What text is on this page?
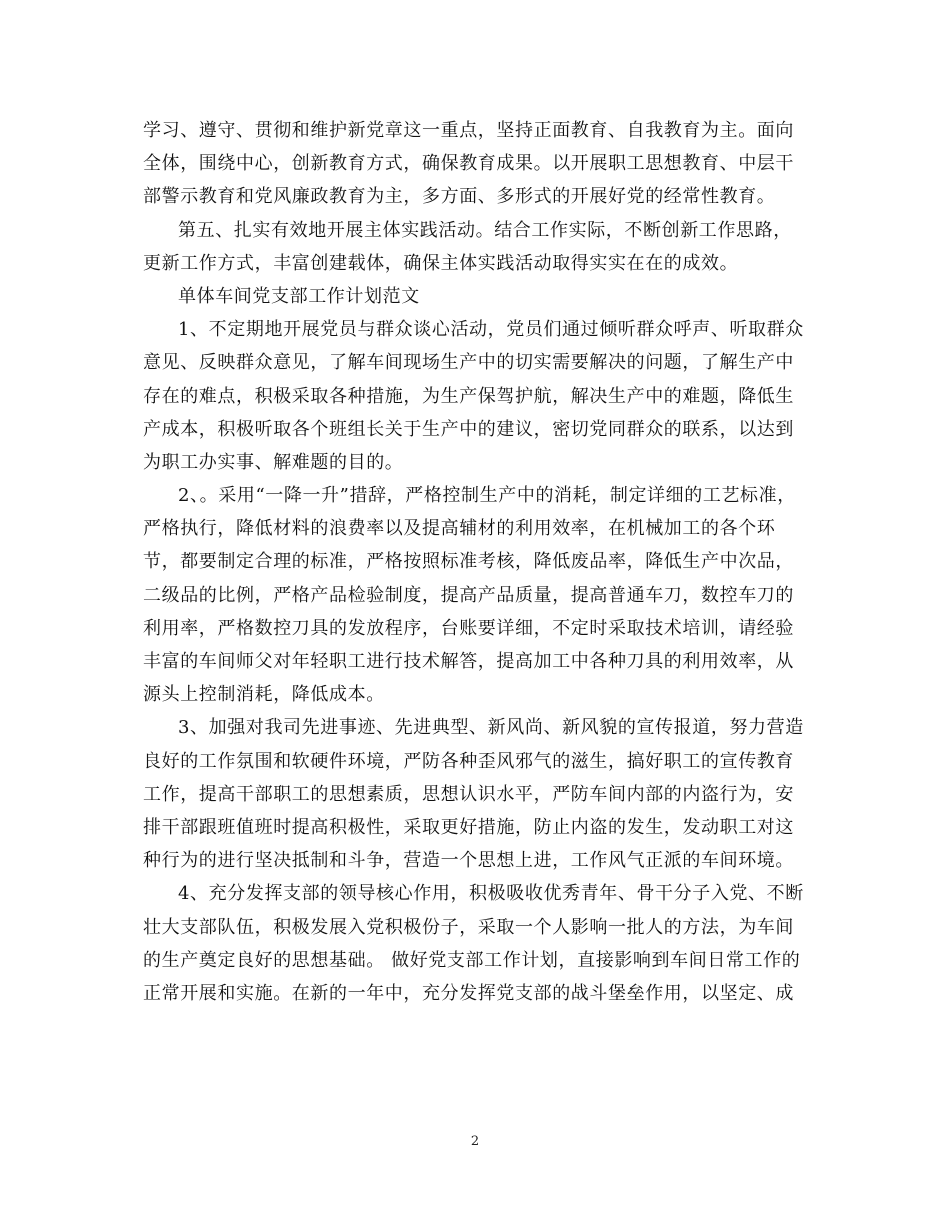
学习、遵守、贯彻和维护新党章这一重点，坚持正面教育、自我教育为主。面向
全体，围绕中心，创新教育方式，确保教育成果。以开展职工思想教育、中层干
部警示教育和党风廉政教育为主，多方面、多形式的开展好党的经常性教育。
第五、扎实有效地开展主体实践活动。结合工作实际，不断创新工作思路，
更新工作方式，丰富创建载体，确保主体实践活动取得实实在在的成效。
单体车间党支部工作计划范文
1、不定期地开展党员与群众谈心活动，党员们通过倾听群众呼声、听取群众
意见、反映群众意见，了解车间现场生产中的切实需要解决的问题，了解生产中
存在的难点，积极采取各种措施，为生产保驾护航，解决生产中的难题，降低生
产成本，积极听取各个班组长关于生产中的建议，密切党同群众的联系，以达到
为职工办实事、解难题的目的。
2、。采用“一降一升”措辞，严格控制生产中的消耗，制定详细的工艺标准，
严格执行，降低材料的浪费率以及提高辅材的利用效率，在机械加工的各个环
节，都要制定合理的标准，严格按照标准考核，降低废品率，降低生产中次品，
二级品的比例，严格产品检验制度，提高产品质量，提高普通车刀，数控车刀的
利用率，严格数控刀具的发放程序，台账要详细，不定时采取技术培训，请经验
丰富的车间师父对年轻职工进行技术解答，提高加工中各种刀具的利用效率，从
源头上控制消耗，降低成本。
3、加强对我司先进事迹、先进典型、新风尚、新风貌的宣传报道，努力营造
良好的工作氛围和软硬件环境，严防各种歪风邪气的滋生，搞好职工的宣传教育
工作，提高干部职工的思想素质，思想认识水平，严防车间内部的内盗行为，安
排干部跟班值班时提高积极性，采取更好措施，防止内盗的发生，发动职工对这
种行为的进行坚决抵制和斗争，营造一个思想上进，工作风气正派的车间环境。
4、充分发挥支部的领导核心作用，积极吸收优秀青年、骨干分子入党、不断
壮大支部队伍，积极发展入党积极份子，采取一个人影响一批人的方法，为车间
的生产奠定良好的思想基础。 做好党支部工作计划，直接影响到车间日常工作的
正常开展和实施。在新的一年中，充分发挥党支部的战斗堡垒作用，以坚定、成
2
